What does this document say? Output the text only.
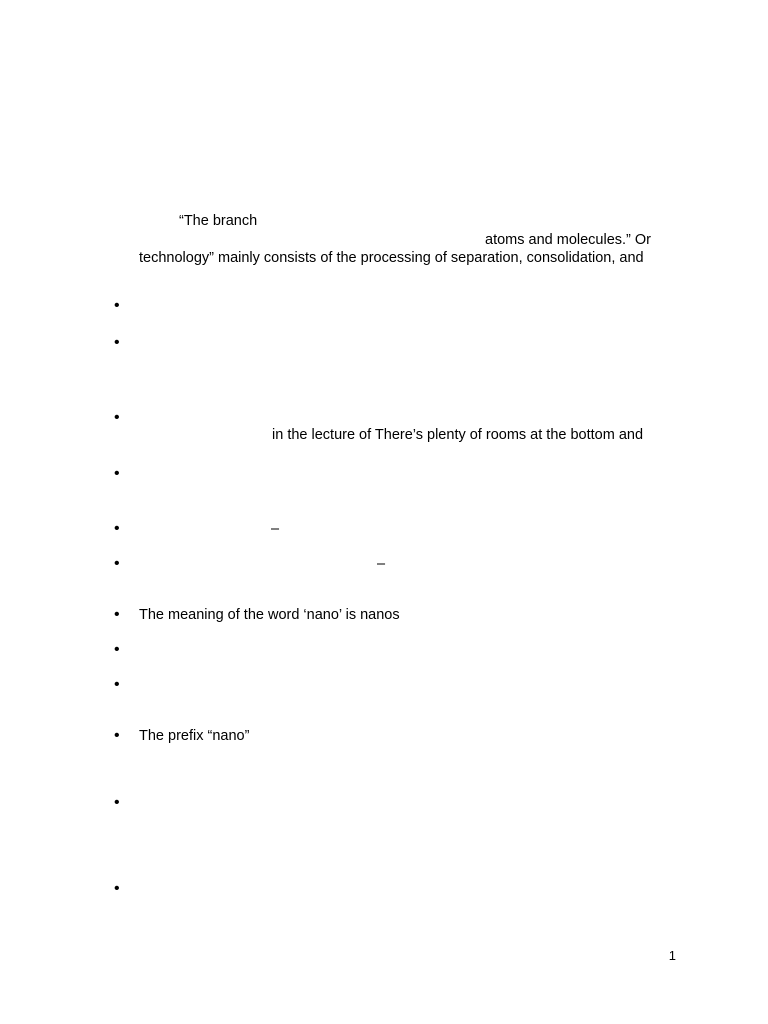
“The branch
atoms and molecules.” Or
technology” mainly consists of the processing of separation, consolidation, and
•
•
•
in the lecture of There’s plenty of rooms at the bottom and
•
•	–
•	–
• The meaning of the word ‘nano’ is nanos
•
•
• The prefix “nano”
•
•
1
